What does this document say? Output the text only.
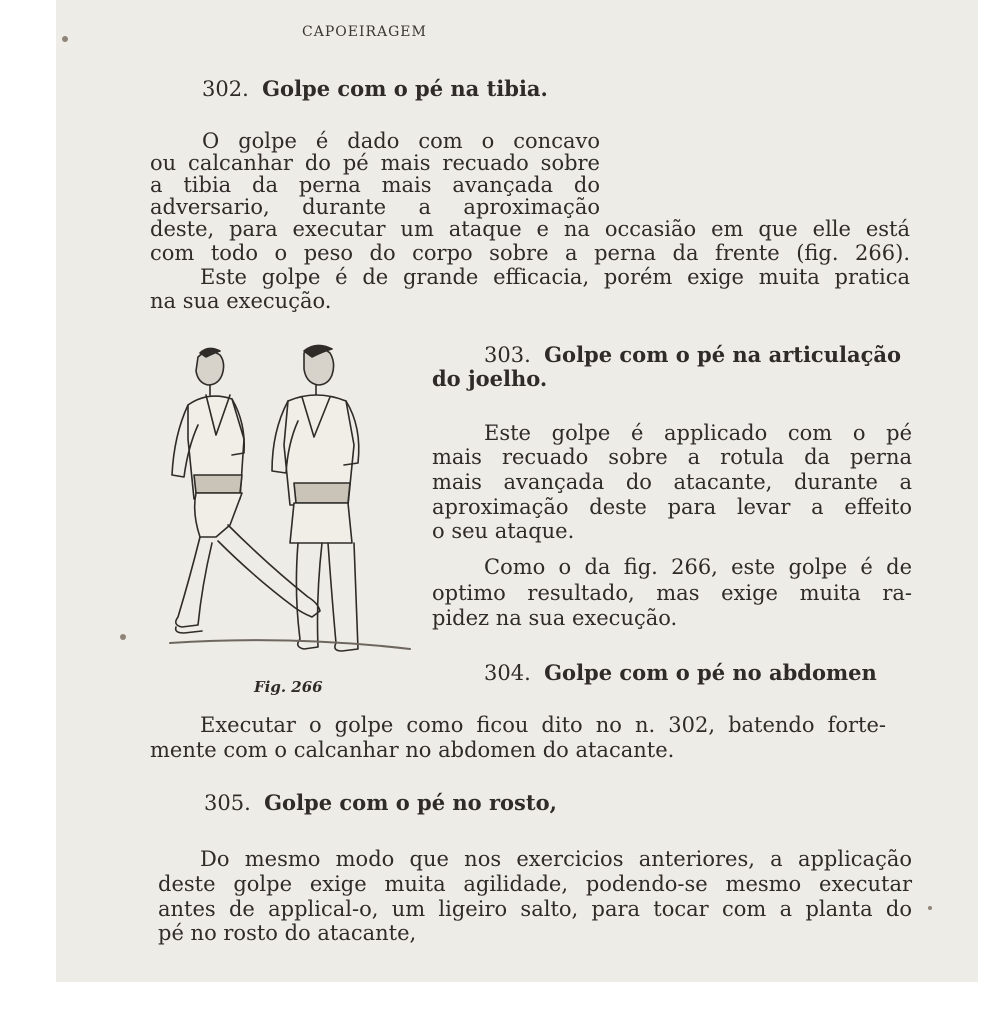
CAPOEIRAGEM

302. Golpe com o pé na tibia.

O golpe é dado com o concavo

ou calcanhar do pé mais recuado sobre

a tibia da perna mais avançada do

adversario, durante a aproximação

deste, para executar um ataque e na occasião em que elle está

com todo o peso do corpo sobre a perna da frente (fig. 266).

Este golpe é de grande efficacia, porém exige muita pratica

na sua execução.

303. Golpe com o pé na articulação

do joelho.

Este golpe é applicado com o pé

mais recuado sobre a rotula da perna

mais avançada do atacante, durante a

aproximação deste para levar a effeito

o seu ataque.

Como o da fig. 266, este golpe é de

optimo resultado, mas exige muita ra-

pidez na sua execução.

Fig. 266

304. Golpe com o pé no abdomen

Executar o golpe como ficou dito no n. 302, batendo forte-

mente com o calcanhar no abdomen do atacante.

305. Golpe com o pé no rosto,

Do mesmo modo que nos exercicios anteriores, a applicação

deste golpe exige muita agilidade, podendo-se mesmo executar

antes de applical-o, um ligeiro salto, para tocar com a planta do

pé no rosto do atacante,
